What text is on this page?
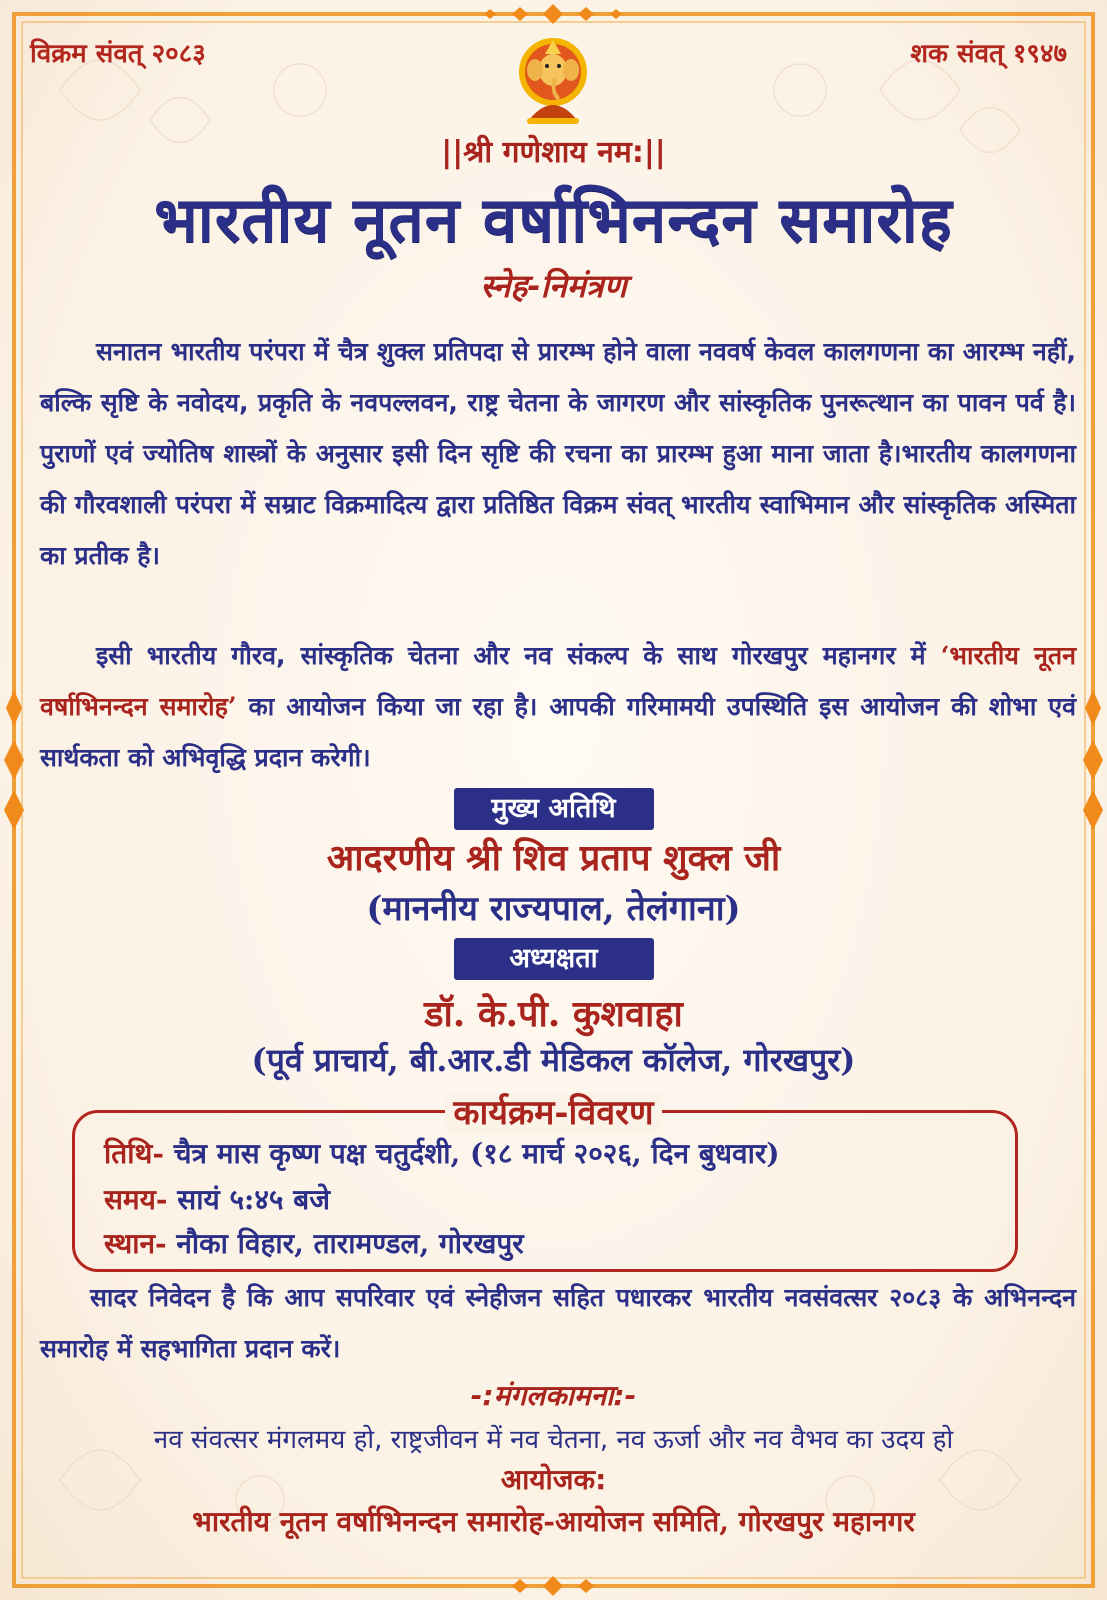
विक्रम संवत् २०८३	शक संवत् १९४७
||श्री गणेशाय नम:||
भारतीय नूतन वर्षाभिनन्दन समारोह
स्नेह-निमंत्रण
सनातन भारतीय परंपरा में चैत्र शुक्ल प्रतिपदा से प्रारम्भ होने वाला नववर्ष केवल कालगणना का आरम्भ नहीं, बल्कि सृष्टि के नवोदय, प्रकृति के नवपल्लवन, राष्ट्र चेतना के जागरण और सांस्कृतिक पुनरूत्थान का पावन पर्व है। पुराणों एवं ज्योतिष शास्त्रों के अनुसार इसी दिन सृष्टि की रचना का प्रारम्भ हुआ माना जाता है।भारतीय कालगणना की गौरवशाली परंपरा में सम्राट विक्रमादित्य द्वारा प्रतिष्ठित विक्रम संवत् भारतीय स्वाभिमान और सांस्कृतिक अस्मिता का प्रतीक है।
इसी भारतीय गौरव, सांस्कृतिक चेतना और नव संकल्प के साथ गोरखपुर महानगर में ‘भारतीय नूतन वर्षाभिनन्दन समारोह’ का आयोजन किया जा रहा है। आपकी गरिमामयी उपस्थिति इस आयोजन की शोभा एवं सार्थकता को अभिवृद्धि प्रदान करेगी।
मुख्य अतिथि
आदरणीय श्री शिव प्रताप शुक्ल जी
(माननीय राज्यपाल, तेलंगाना)
अध्यक्षता
डॉ. के.पी. कुशवाहा
(पूर्व प्राचार्य, बी.आर.डी मेडिकल कॉलेज, गोरखपुर)
कार्यक्रम-विवरण
तिथि- चैत्र मास कृष्ण पक्ष चतुर्दशी, (१८ मार्च २०२६, दिन बुधवार)
समय- सायं ५:४५ बजे
स्थान- नौका विहार, तारामण्डल, गोरखपुर
सादर निवेदन है कि आप सपरिवार एवं स्नेहीजन सहित पधारकर भारतीय नवसंवत्सर २०८३ के अभिनन्दन समारोह में सहभागिता प्रदान करें।
-:मंगलकामना:-
नव संवत्सर मंगलमय हो, राष्ट्रजीवन में नव चेतना, नव ऊर्जा और नव वैभव का उदय हो
आयोजक:
भारतीय नूतन वर्षाभिनन्दन समारोह-आयोजन समिति, गोरखपुर महानगर
